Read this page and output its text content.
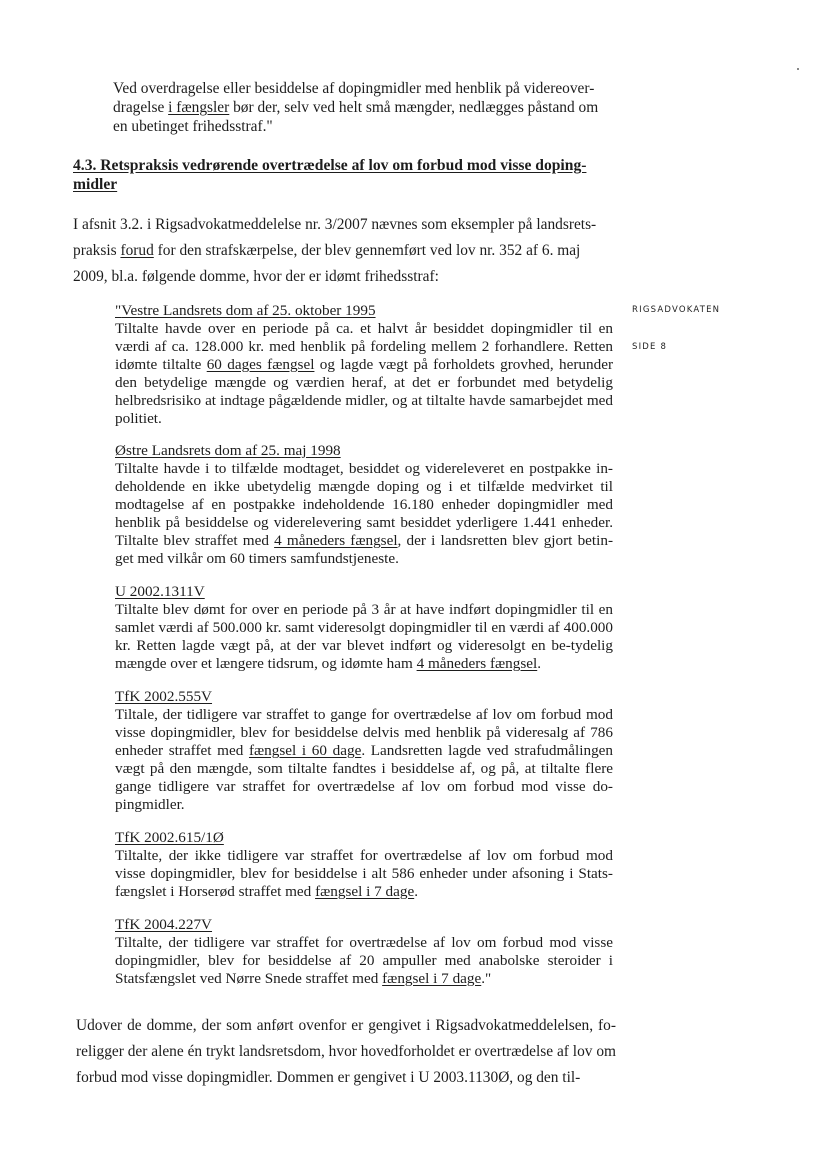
Ved overdragelse eller besiddelse af dopingmidler med henblik på videreover-

dragelse i fængsler bør der, selv ved helt små mængder, nedlægges påstand om

en ubetinget frihedsstraf."

4.3. Retspraksis vedrørende overtrædelse af lov om forbud mod visse doping-
midler

I afsnit 3.2. i Rigsadvokatmeddelelse nr. 3/2007 nævnes som eksempler på landsrets-

praksis forud for den strafskærpelse, der blev gennemført ved lov nr. 352 af 6. maj

2009, bl.a. følgende domme, hvor der er idømt frihedsstraf:

RIGSADVOKATEN
SIDE 8
"Vestre Landsrets dom af 25. oktober 1995

Tiltalte havde over en periode på ca. et halvt år besiddet dopingmidler til en værdi af ca. 128.000 kr. med henblik på fordeling mellem 2 forhandlere. Retten idømte tiltalte 60 dages fængsel og lagde vægt på forholdets grovhed, herunder den betydelige mængde og værdien heraf, at det er forbundet med betydelig helbredsrisiko at indtage pågældende midler, og at tiltalte havde samarbejdet med politiet.

Østre Landsrets dom af 25. maj 1998

Tiltalte havde i to tilfælde modtaget, besiddet og videreleveret en postpakke in-deholdende en ikke ubetydelig mængde doping og i et tilfælde medvirket til modtagelse af en postpakke indeholdende 16.180 enheder dopingmidler med henblik på besiddelse og viderelevering samt besiddet yderligere 1.441 enheder. Tiltalte blev straffet med 4 måneders fængsel, der i landsretten blev gjort betin-get med vilkår om 60 timers samfundstjeneste.

U 2002.1311V

Tiltalte blev dømt for over en periode på 3 år at have indført dopingmidler til en samlet værdi af 500.000 kr. samt videresolgt dopingmidler til en værdi af 400.000 kr. Retten lagde vægt på, at der var blevet indført og videresolgt en be-tydelig mængde over et længere tidsrum, og idømte ham 4 måneders fængsel.

TfK 2002.555V

Tiltale, der tidligere var straffet to gange for overtrædelse af lov om forbud mod visse dopingmidler, blev for besiddelse delvis med henblik på videresalg af 786 enheder straffet med fængsel i 60 dage. Landsretten lagde ved strafudmålingen vægt på den mængde, som tiltalte fandtes i besiddelse af, og på, at tiltalte flere gange tidligere var straffet for overtrædelse af lov om forbud mod visse do-pingmidler.

TfK 2002.615/1Ø

Tiltalte, der ikke tidligere var straffet for overtrædelse af lov om forbud mod visse dopingmidler, blev for besiddelse i alt 586 enheder under afsoning i Stats-fængslet i Horserød straffet med fængsel i 7 dage.

TfK 2004.227V

Tiltalte, der tidligere var straffet for overtrædelse af lov om forbud mod visse dopingmidler, blev for besiddelse af 20 ampuller med anabolske steroider i Statsfængslet ved Nørre Snede straffet med fængsel i 7 dage."

Udover de domme, der som anført ovenfor er gengivet i Rigsadvokatmeddelelsen, fo-religger der alene én trykt landsretsdom, hvor hovedforholdet er overtrædelse af lov om forbud mod visse dopingmidler. Dommen er gengivet i U 2003.1130Ø, og den til-
